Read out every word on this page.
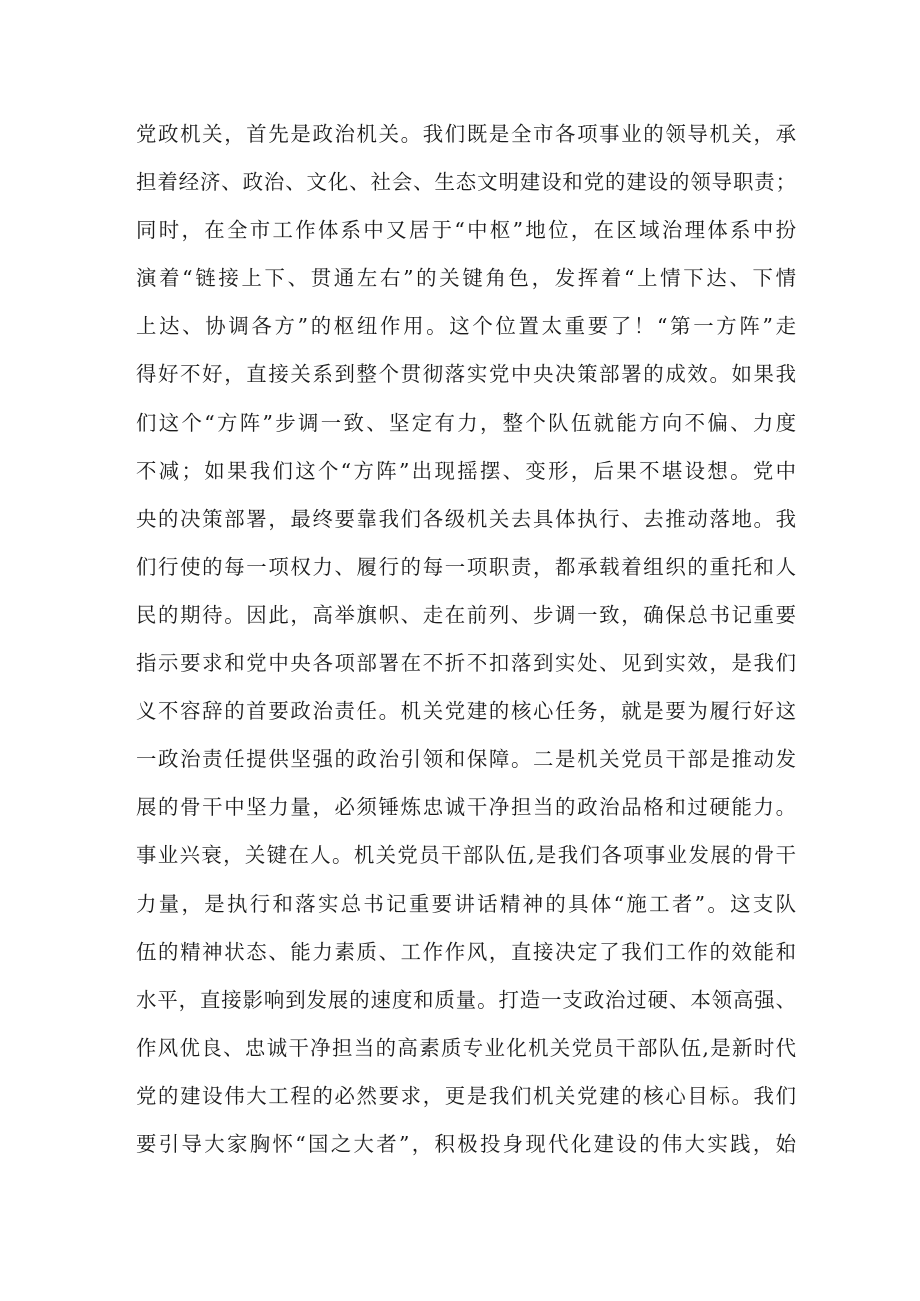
党政机关，首先是政治机关。我们既是全市各项事业的领导机关，承
担着经济、政治、文化、社会、生态文明建设和党的建设的领导职责；
同时，在全市工作体系中又居于“中枢”地位，在区域治理体系中扮
演着“链接上下、贯通左右”的关键角色，发挥着“上情下达、下情
上达、协调各方”的枢纽作用。这个位置太重要了！“第一方阵”走
得好不好，直接关系到整个贯彻落实党中央决策部署的成效。如果我
们这个“方阵”步调一致、坚定有力，整个队伍就能方向不偏、力度
不减；如果我们这个“方阵”出现摇摆、变形，后果不堪设想。党中
央的决策部署，最终要靠我们各级机关去具体执行、去推动落地。我
们行使的每一项权力、履行的每一项职责，都承载着组织的重托和人
民的期待。因此，高举旗帜、走在前列、步调一致，确保总书记重要
指示要求和党中央各项部署在不折不扣落到实处、见到实效，是我们
义不容辞的首要政治责任。机关党建的核心任务，就是要为履行好这
一政治责任提供坚强的政治引领和保障。二是机关党员干部是推动发
展的骨干中坚力量，必须锤炼忠诚干净担当的政治品格和过硬能力。
事业兴衰，关键在人。机关党员干部队伍,是我们各项事业发展的骨干
力量，是执行和落实总书记重要讲话精神的具体“施工者”。这支队
伍的精神状态、能力素质、工作作风，直接决定了我们工作的效能和
水平，直接影响到发展的速度和质量。打造一支政治过硬、本领高强、
作风优良、忠诚干净担当的高素质专业化机关党员干部队伍,是新时代
党的建设伟大工程的必然要求，更是我们机关党建的核心目标。我们
要引导大家胸怀“国之大者”，积极投身现代化建设的伟大实践，始
